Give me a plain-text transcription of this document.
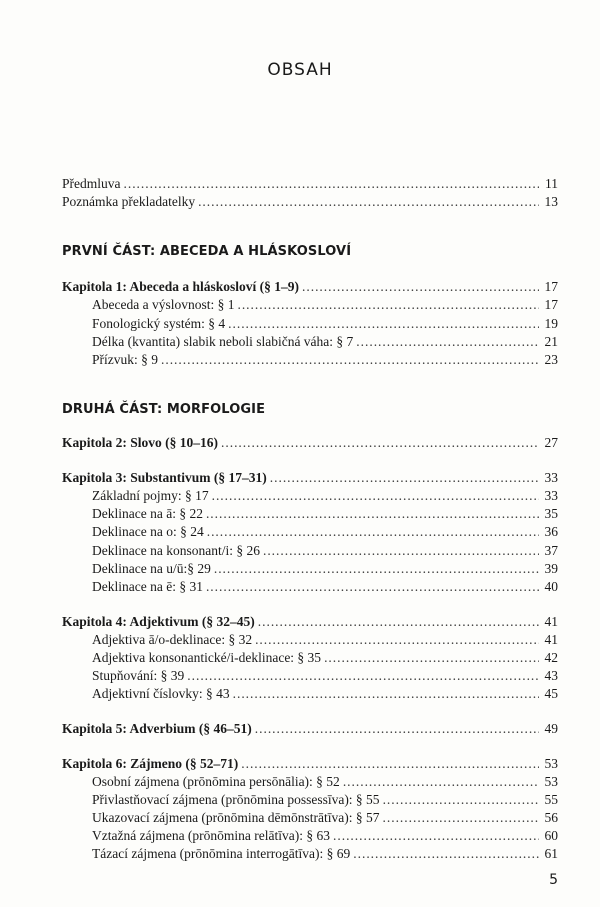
OBSAH
Předmluva . . .	11
Poznámka překladatelky . . .	13
PRVNÍ ČÁST: ABECEDA A HLÁSKOSLOVÍ
Kapitola 1: Abeceda a hláskosloví (§ 1–9) . . .	17
Abeceda a výslovnost: § 1 . . .	17
Fonologický systém: § 4 . . .	19
Délka (kvantita) slabik neboli slabičná váha: § 7 . . .	21
Přízvuk: § 9 . . .	23
DRUHÁ ČÁST: MORFOLOGIE
Kapitola 2: Slovo (§ 10–16) . . .	27
Kapitola 3: Substantivum (§ 17–31) . . .	33
Základní pojmy: § 17 . . .	33
Deklinace na ā: § 22 . . .	35
Deklinace na o: § 24 . . .	36
Deklinace na konsonant/i: § 26 . . .	37
Deklinace na u/ū:§ 29 . . .	39
Deklinace na ē: § 31 . . .	40
Kapitola 4: Adjektivum (§ 32–45) . . .	41
Adjektiva ā/o-deklinace: § 32 . . .	41
Adjektiva konsonantické/i-deklinace: § 35 . . .	42
Stupňování: § 39 . . .	43
Adjektivní číslovky: § 43 . . .	45
Kapitola 5: Adverbium (§ 46–51) . . .	49
Kapitola 6: Zájmeno (§ 52–71) . . .	53
Osobní zájmena (prōnōmina persōnālia): § 52 . . .	53
Přivlastňovací zájmena (prōnōmina possessīva): § 55 . . .	55
Ukazovací zájmena (prōnōmina dēmōnstrātīva): § 57 . . .	56
Vztažná zájmena (prōnōmina relātīva): § 63 . . .	60
Tázací zájmena (prōnōmina interrogātīva): § 69 . . .	61
5
